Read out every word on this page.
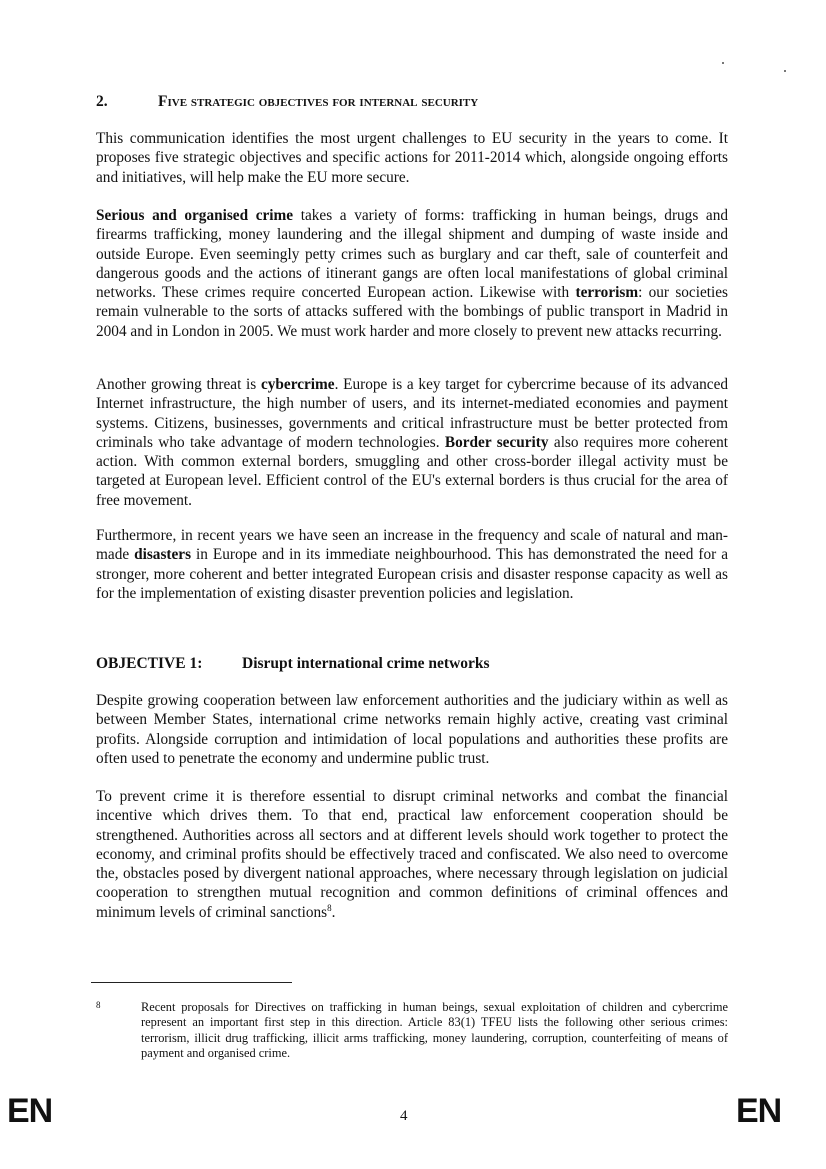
2.	Five strategic objectives for internal security

This communication identifies the most urgent challenges to EU security in the years to come. It proposes five strategic objectives and specific actions for 2011-2014 which, alongside ongoing efforts and initiatives, will help make the EU more secure.

Serious and organised crime takes a variety of forms: trafficking in human beings, drugs and firearms trafficking, money laundering and the illegal shipment and dumping of waste inside and outside Europe. Even seemingly petty crimes such as burglary and car theft, sale of counterfeit and dangerous goods and the actions of itinerant gangs are often local manifestations of global criminal networks. These crimes require concerted European action. Likewise with terrorism: our societies remain vulnerable to the sorts of attacks suffered with the bombings of public transport in Madrid in 2004 and in London in 2005. We must work harder and more closely to prevent new attacks recurring.

Another growing threat is cybercrime. Europe is a key target for cybercrime because of its advanced Internet infrastructure, the high number of users, and its internet-mediated economies and payment systems. Citizens, businesses, governments and critical infrastructure must be better protected from criminals who take advantage of modern technologies. Border security also requires more coherent action. With common external borders, smuggling and other cross-border illegal activity must be targeted at European level. Efficient control of the EU's external borders is thus crucial for the area of free movement.

Furthermore, in recent years we have seen an increase in the frequency and scale of natural and man-made disasters in Europe and in its immediate neighbourhood. This has demonstrated the need for a stronger, more coherent and better integrated European crisis and disaster response capacity as well as for the implementation of existing disaster prevention policies and legislation.

OBJECTIVE 1:	Disrupt international crime networks

Despite growing cooperation between law enforcement authorities and the judiciary within as well as between Member States, international crime networks remain highly active, creating vast criminal profits. Alongside corruption and intimidation of local populations and authorities these profits are often used to penetrate the economy and undermine public trust.

To prevent crime it is therefore essential to disrupt criminal networks and combat the financial incentive which drives them. To that end, practical law enforcement cooperation should be strengthened. Authorities across all sectors and at different levels should work together to protect the economy, and criminal profits should be effectively traced and confiscated. We also need to overcome the, obstacles posed by divergent national approaches, where necessary through legislation on judicial cooperation to strengthen mutual recognition and common definitions of criminal offences and minimum levels of criminal sanctions$^8$.

8	Recent proposals for Directives on trafficking in human beings, sexual exploitation of children and cybercrime represent an important first step in this direction. Article 83(1) TFEU lists the following other serious crimes: terrorism, illicit drug trafficking, illicit arms trafficking, money laundering, corruption, counterfeiting of means of payment and organised crime.

EN	4	EN
